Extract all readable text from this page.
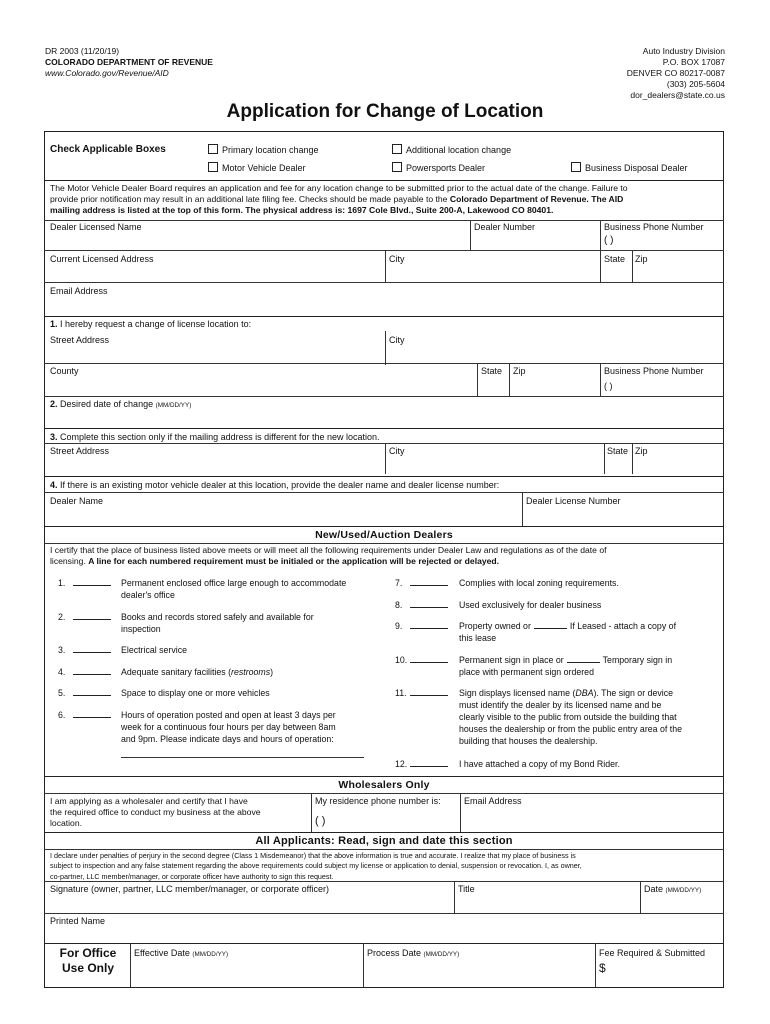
DR 2003 (11/20/19)
COLORADO DEPARTMENT OF REVENUE
www.Colorado.gov/Revenue/AID
Auto Industry Division
P.O. BOX 17087
DENVER CO 80217-0087
(303) 205-5604
dor_dealers@state.co.us
Application for Change of Location
Check Applicable Boxes	Primary location change	Additional location change
Motor Vehicle Dealer	Powersports Dealer	Business Disposal Dealer
The Motor Vehicle Dealer Board requires an application and fee for any location change to be submitted prior to the actual date of the change. Failure to
provide prior notification may result in an additional late filing fee. Checks should be made payable to the Colorado Department of Revenue. The AID
mailing address is listed at the top of this form. The physical address is: 1697 Cole Blvd., Suite 200-A, Lakewood CO 80401.
Dealer Licensed Name	Dealer Number	Business Phone Number
( )
Current Licensed Address	City	State Zip
Email Address
1. I hereby request a change of license location to:
Street Address	City
County	State Zip	Business Phone Number
( )
2. Desired date of change (MM/DD/YY)
3. Complete this section only if the mailing address is different for the new location.
Street Address	City	State Zip
4. If there is an existing motor vehicle dealer at this location, provide the dealer name and dealer license number:
Dealer Name	Dealer License Number
New/Used/Auction Dealers
I certify that the place of business listed above meets or will meet all the following requirements under Dealer Law and regulations as of the date of
licensing. A line for each numbered requirement must be initialed or the application will be rejected or delayed.
1.	Permanent enclosed office large enough to accommodate
dealer's office
2.	Books and records stored safely and available for
inspection
3.	Electrical service
4.	Adequate sanitary facilities (restrooms)
5.	Space to display one or more vehicles
6.	Hours of operation posted and open at least 3 days per
week for a continuous four hours per day between 8am
and 9pm. Please indicate days and hours of operation:
7.	Complies with local zoning requirements.
8.	Used exclusively for dealer business
9.	Property owned or	If Leased - attach a copy of
this lease
10.	Permanent sign in place or	Temporary sign in
place with permanent sign ordered
11.	Sign displays licensed name (DBA). The sign or device
must identify the dealer by its licensed name and be
clearly visible to the public from outside the building that
houses the dealership or from the public entry area of the
building that houses the dealership.
12.	I have attached a copy of my Bond Rider.
Wholesalers Only
I am applying as a wholesaler and certify that I have
the required office to conduct my business at the above
location.
My residence phone number is:
( )
Email Address
All Applicants: Read, sign and date this section
I declare under penalties of perjury in the second degree (Class 1 Misdemeanor) that the above information is true and accurate. I realize that my place of business is
subject to inspection and any false statement regarding the above requirements could subject my license or application to denial, suspension or revocation. I, as owner,
co-partner, LLC member/manager, or corporate officer have authority to sign this request.
Signature (owner, partner, LLC member/manager, or corporate officer)	Title	Date (MM/DD/YY)
Printed Name
For Office
Use Only
Effective Date (MM/DD/YY)	Process Date (MM/DD/YY)	Fee Required & Submitted
$
